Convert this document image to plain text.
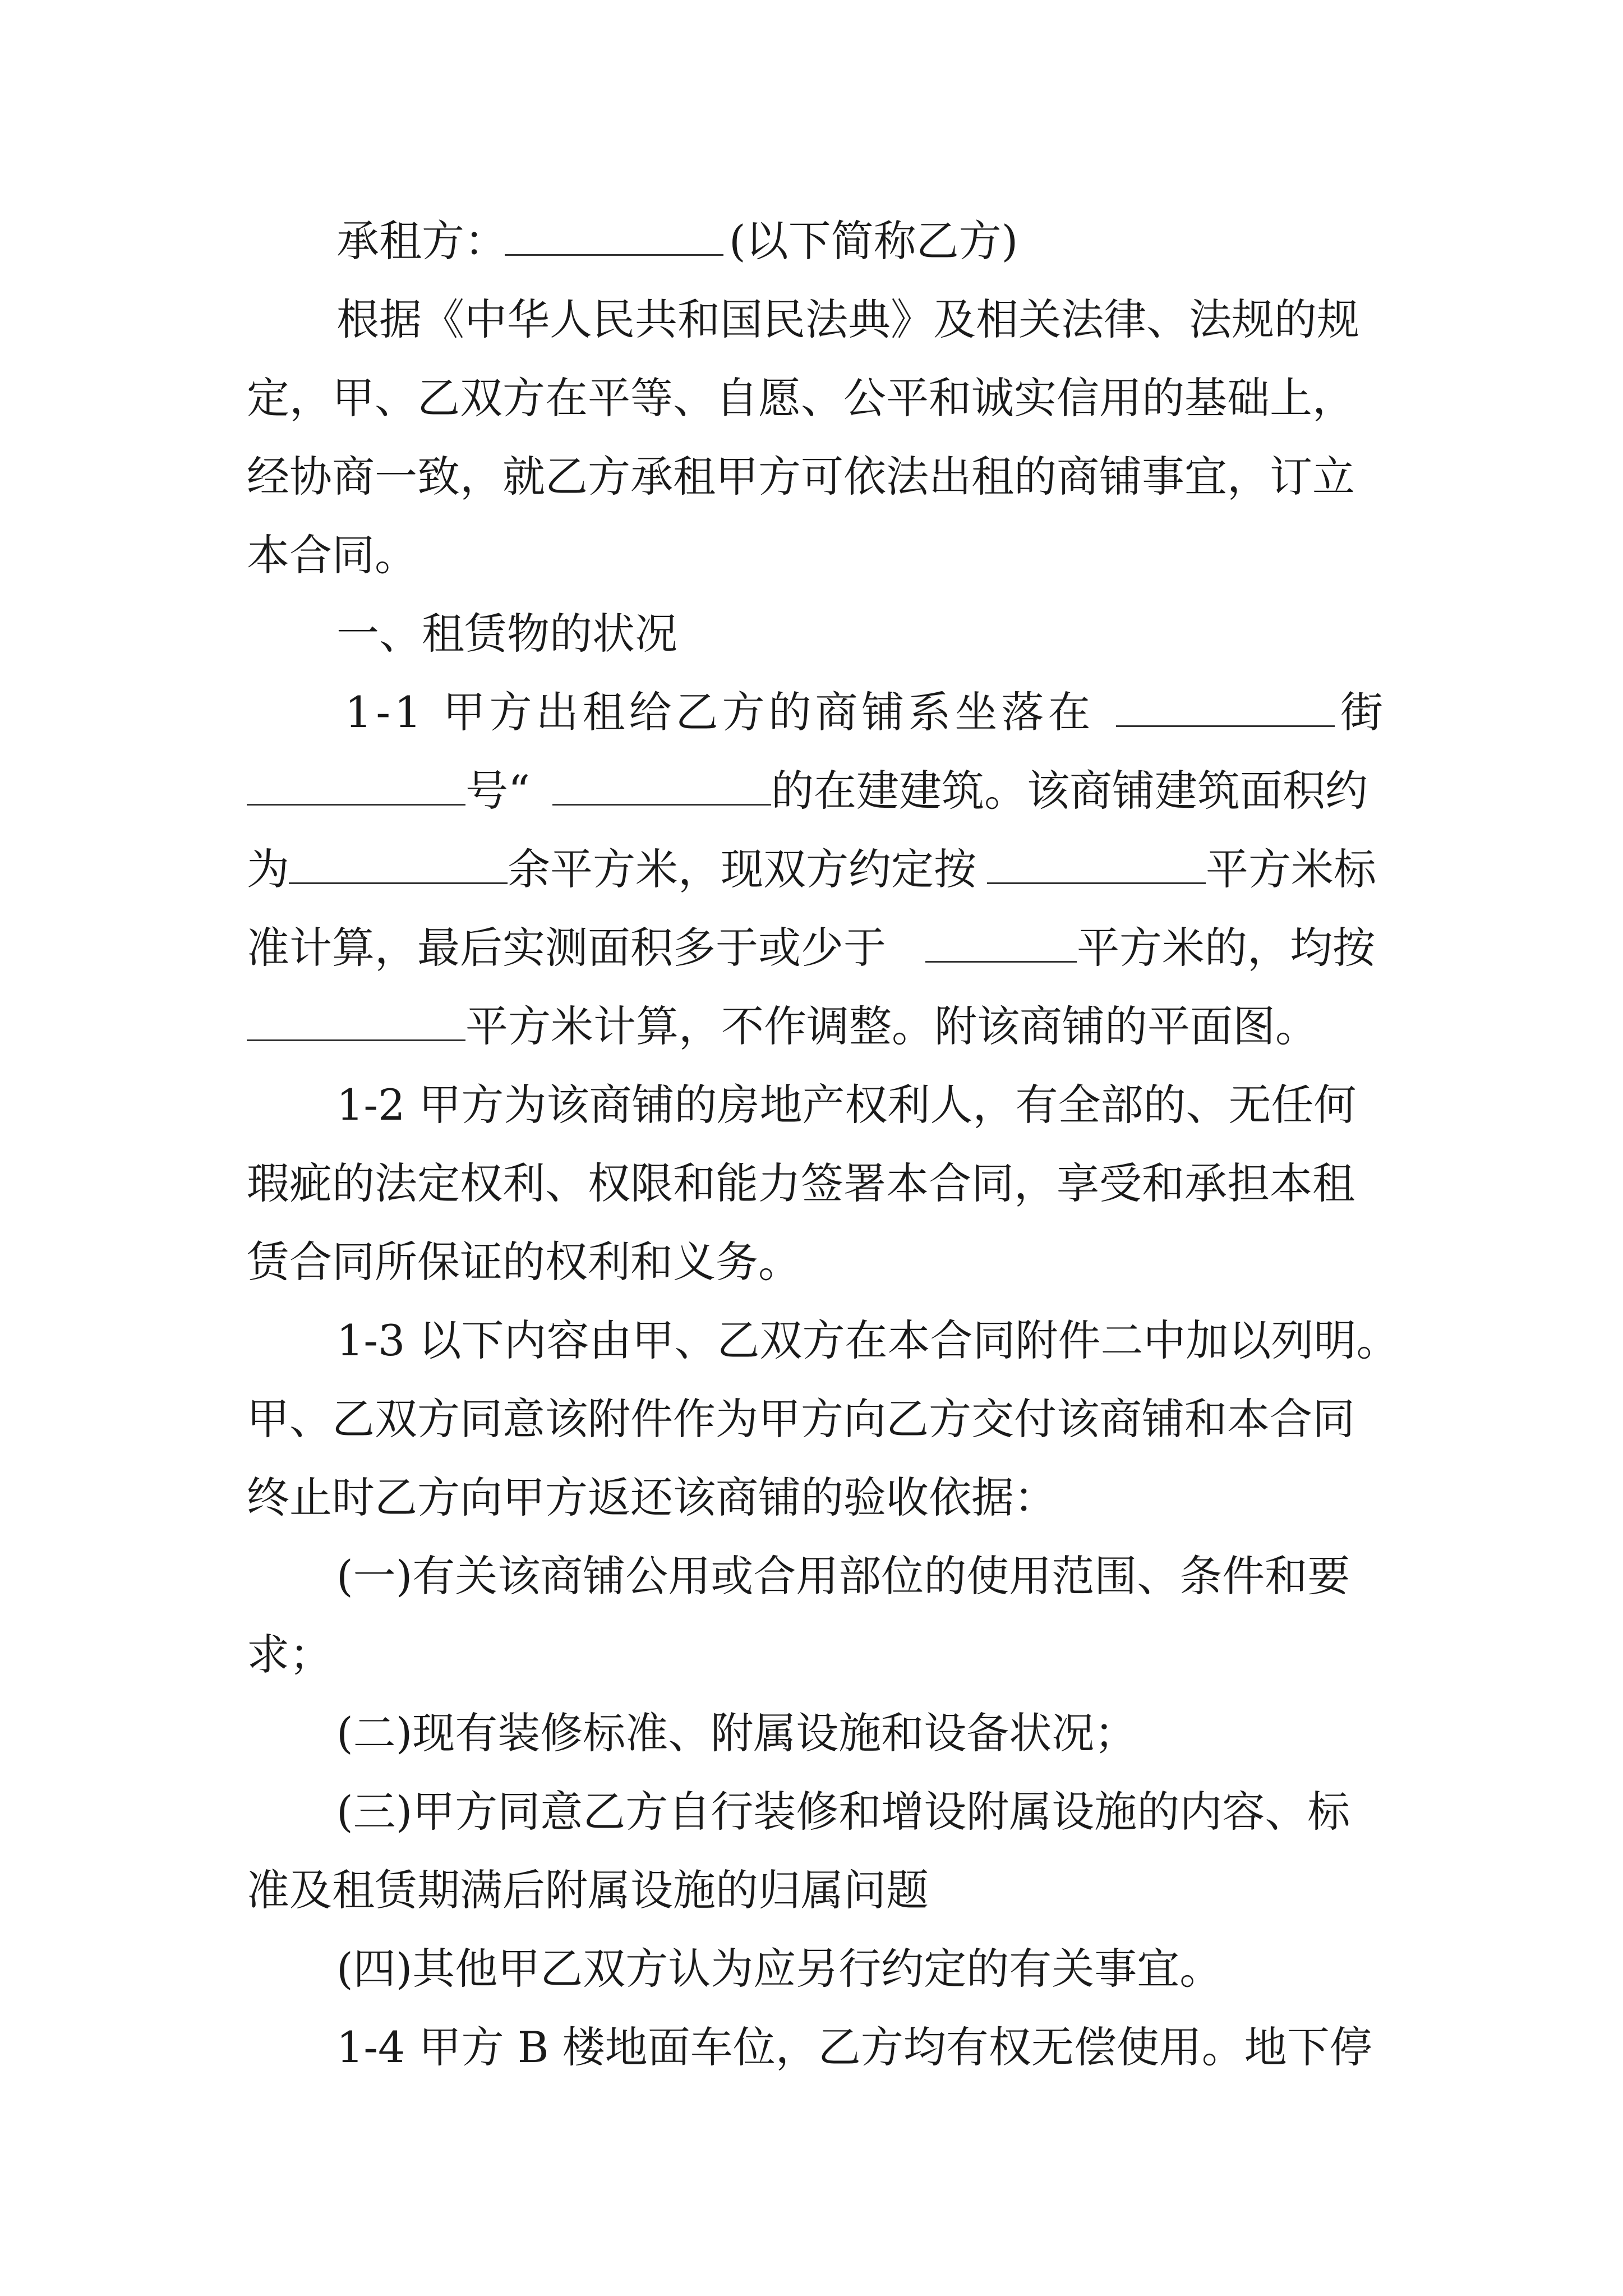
承租方：	(以下简称乙方)
根据《中华人民共和国民法典》及相关法律、法规的规
定，甲、乙双方在平等、自愿、公平和诚实信用的基础上，
经协商一致，就乙方承租甲方可依法出租的商铺事宜，订立
本合同。
一、租赁物的状况
1-1 甲方出租给乙方的商铺系坐落在	街
号“	的在建建筑。该商铺建筑面积约
为	余平方米，现双方约定按	平方米标
准计算，最后实测面积多于或少于	平方米的，均按
平方米计算，不作调整。附该商铺的平面图。
1-2 甲方为该商铺的房地产权利人，有全部的、无任何
瑕疵的法定权利、权限和能力签署本合同，享受和承担本租
赁合同所保证的权利和义务。
1-3 以下内容由甲、乙双方在本合同附件二中加以列明。
甲、乙双方同意该附件作为甲方向乙方交付该商铺和本合同
终止时乙方向甲方返还该商铺的验收依据：
(一)有关该商铺公用或合用部位的使用范围、条件和要
求；
(二)现有装修标准、附属设施和设备状况；
(三)甲方同意乙方自行装修和增设附属设施的内容、标
准及租赁期满后附属设施的归属问题
(四)其他甲乙双方认为应另行约定的有关事宜。
1-4 甲方 B 楼地面车位，乙方均有权无偿使用。地下停
